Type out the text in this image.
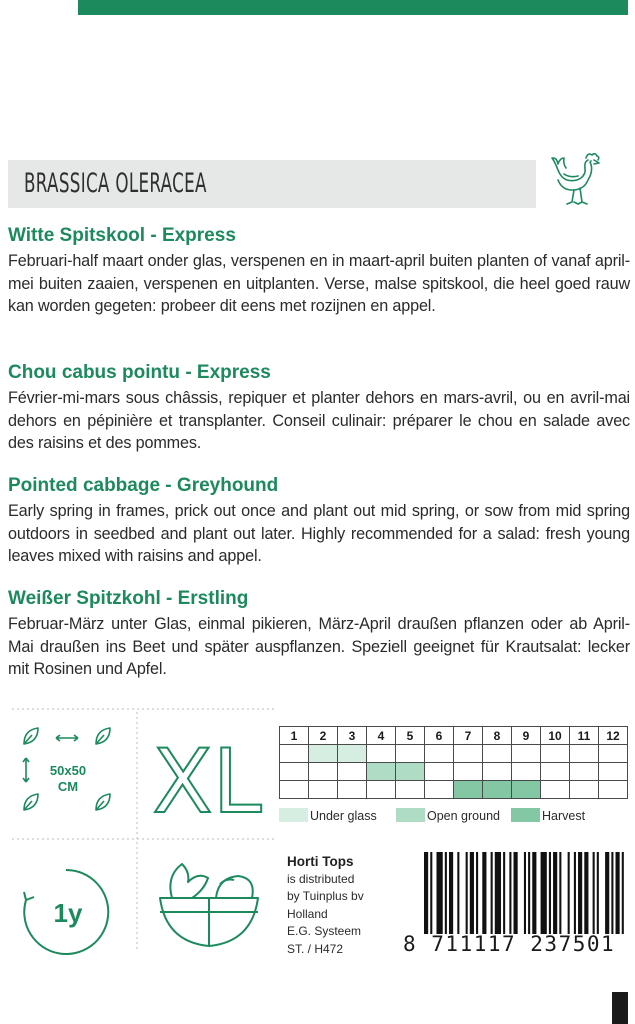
BRASSICA OLERACEA
Witte Spitskool - Express

Februari-half maart onder glas, verspenen en in maart-april buiten planten of vanaf april-mei buiten zaaien, verspenen en uitplanten. Verse, malse spitskool, die heel goed rauw kan worden gegeten: probeer dit eens met rozijnen en appel.

Chou cabus pointu - Express

Février-mi-mars sous châssis, repiquer et planter dehors en mars-avril, ou en avril-mai dehors en pépinière et transplanter. Conseil culinair: préparer le chou en salade avec des raisins et des pommes.

Pointed cabbage - Greyhound

Early spring in frames, prick out once and plant out mid spring, or sow from mid spring outdoors in seedbed and plant out later. Highly recommended for a salad: fresh young leaves mixed with raisins and appel.

Weißer Spitzkohl - Erstling

Februar-März unter Glas, einmal pikieren, März-April draußen pflanzen oder ab April-Mai draußen ins Beet und später auspflanzen. Speziell geeignet für Krautsalat: lecker mit Rosinen und Apfel.

50x50
CM XL
1y
1	2	3	4	5	6	7	8	9	10	11	12

Under glass	Open ground	Harvest
Horti Tops
is distributed
by Tuinplus bv
Holland
E.G. Systeem
ST. / H472	8 711117 237501
